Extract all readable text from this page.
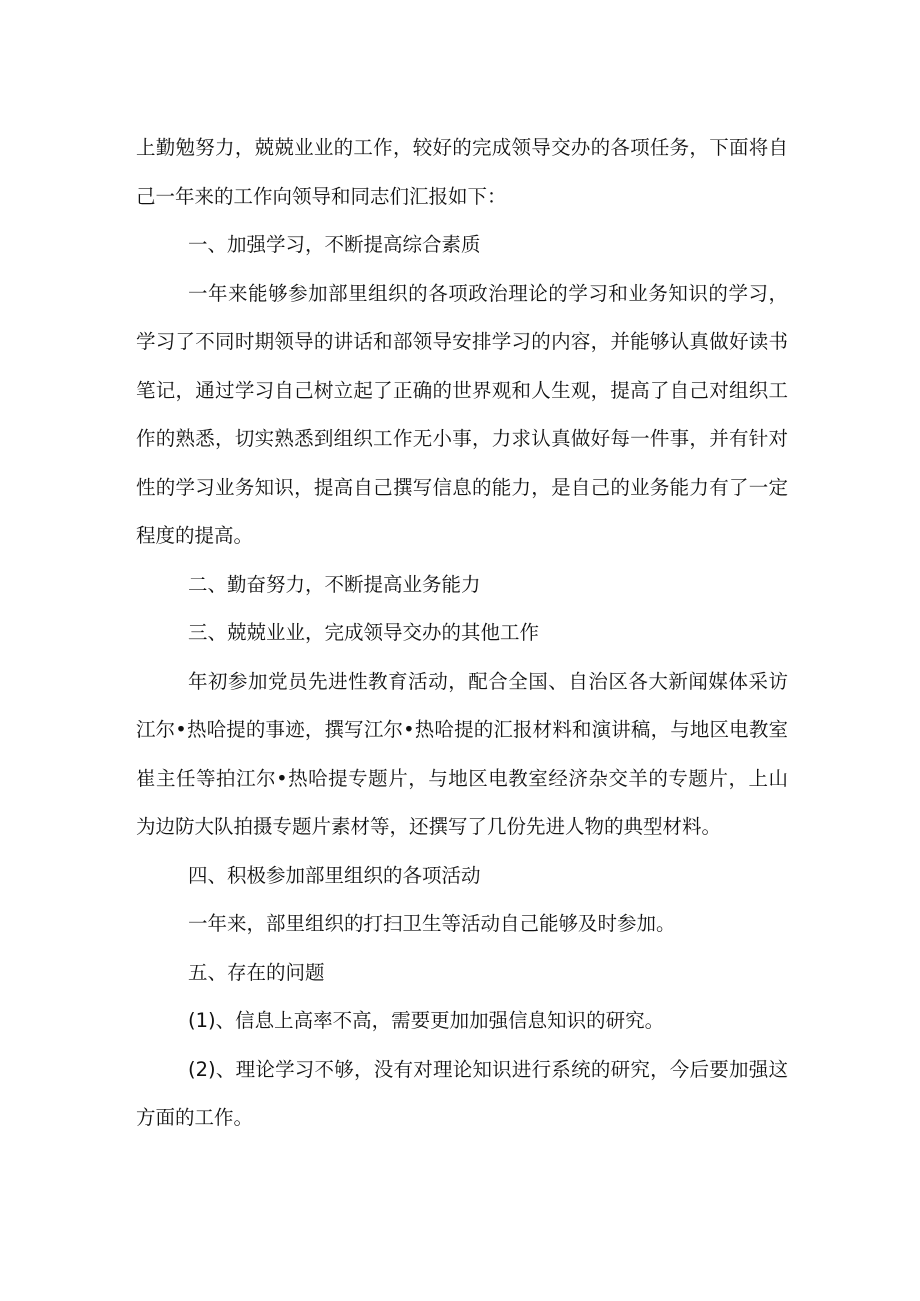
上勤勉努力，兢兢业业的工作，较好的完成领导交办的各项任务，下面将自己一年来的工作向领导和同志们汇报如下：

一、加强学习，不断提高综合素质

一年来能够参加部里组织的各项政治理论的学习和业务知识的学习，学习了不同时期领导的讲话和部领导安排学习的内容，并能够认真做好读书笔记，通过学习自己树立起了正确的世界观和人生观，提高了自己对组织工作的熟悉，切实熟悉到组织工作无小事，力求认真做好每一件事，并有针对性的学习业务知识，提高自己撰写信息的能力，是自己的业务能力有了一定程度的提高。

二、勤奋努力，不断提高业务能力

三、兢兢业业，完成领导交办的其他工作

年初参加党员先进性教育活动，配合全国、自治区各大新闻媒体采访江尔•热哈提的事迹，撰写江尔•热哈提的汇报材料和演讲稿，与地区电教室崔主任等拍江尔•热哈提专题片，与地区电教室经济杂交羊的专题片，上山为边防大队拍摄专题片素材等，还撰写了几份先进人物的典型材料。

四、积极参加部里组织的各项活动

一年来，部里组织的打扫卫生等活动自己能够及时参加。

五、存在的问题

(1)、信息上高率不高，需要更加加强信息知识的研究。

(2)、理论学习不够，没有对理论知识进行系统的研究，今后要加强这方面的工作。
